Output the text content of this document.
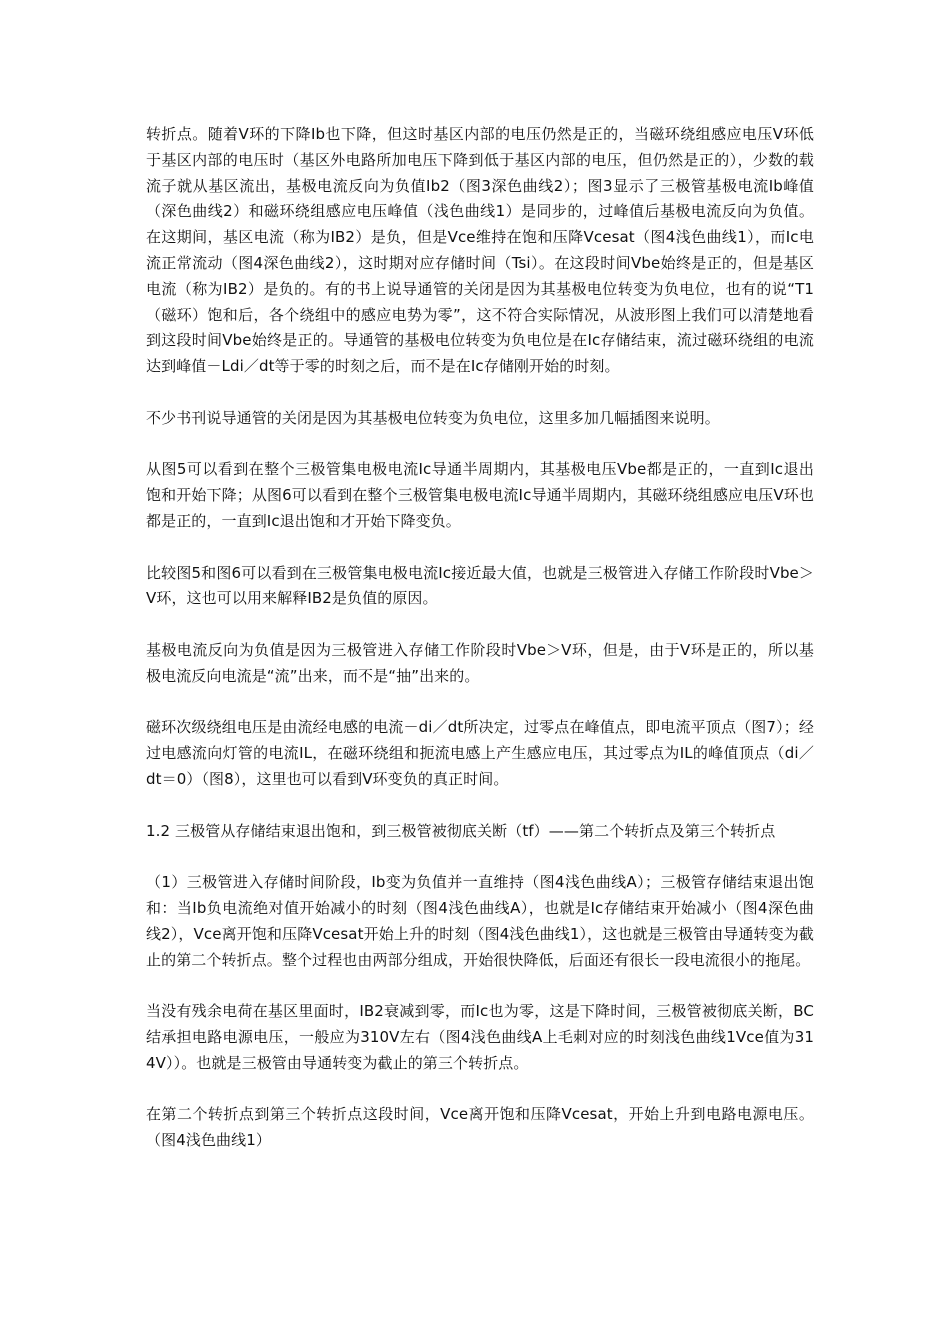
转折点。随着V环的下降Ib也下降，但这时基区内部的电压仍然是正的，当磁环绕组感应电压V环低于基区内部的电压时（基区外电路所加电压下降到低于基区内部的电压，但仍然是正的），少数的载流子就从基区流出，基极电流反向为负值Ib2（图3深色曲线2）；图3显示了三极管基极电流Ib峰值（深色曲线2）和磁环绕组感应电压峰值（浅色曲线1）是同步的，过峰值后基极电流反向为负值。在这期间，基区电流（称为IB2）是负，但是Vce维持在饱和压降Vcesat（图4浅色曲线1），而Ic电流正常流动（图4深色曲线2），这时期对应存储时间（Tsi）。在这段时间Vbe始终是正的，但是基区电流（称为IB2）是负的。有的书上说导通管的关闭是因为其基极电位转变为负电位，也有的说“T1（磁环）饱和后，各个绕组中的感应电势为零”，这不符合实际情况，从波形图上我们可以清楚地看到这段时间Vbe始终是正的。导通管的基极电位转变为负电位是在Ic存储结束，流过磁环绕组的电流达到峰值－Ldi／dt等于零的时刻之后，而不是在Ic存储刚开始的时刻。

不少书刊说导通管的关闭是因为其基极电位转变为负电位，这里多加几幅插图来说明。

从图5可以看到在整个三极管集电极电流Ic导通半周期内，其基极电压Vbe都是正的，一直到Ic退出饱和开始下降；从图6可以看到在整个三极管集电极电流Ic导通半周期内，其磁环绕组感应电压V环也都是正的，一直到Ic退出饱和才开始下降变负。

比较图5和图6可以看到在三极管集电极电流Ic接近最大值，也就是三极管进入存储工作阶段时Vbe＞V环，这也可以用来解释IB2是负值的原因。

基极电流反向为负值是因为三极管进入存储工作阶段时Vbe＞V环，但是，由于V环是正的，所以基极电流反向电流是“流”出来，而不是“抽”出来的。

磁环次级绕组电压是由流经电感的电流－di／dt所决定，过零点在峰值点，即电流平顶点（图7）；经过电感流向灯管的电流IL，在磁环绕组和扼流电感上产生感应电压，其过零点为IL的峰值顶点（di／dt＝0）（图8），这里也可以看到V环变负的真正时间。

1.2 三极管从存储结束退出饱和，到三极管被彻底关断（tf）——第二个转折点及第三个转折点

（1）三极管进入存储时间阶段，Ib变为负值并一直维持（图4浅色曲线A）；三极管存储结束退出饱和：当Ib负电流绝对值开始减小的时刻（图4浅色曲线A），也就是Ic存储结束开始减小（图4深色曲线2），Vce离开饱和压降Vcesat开始上升的时刻（图4浅色曲线1），这也就是三极管由导通转变为截止的第二个转折点。整个过程也由两部分组成，开始很快降低，后面还有很长一段电流很小的拖尾。

当没有残余电荷在基区里面时，IB2衰减到零，而Ic也为零，这是下降时间，三极管被彻底关断，BC结承担电路电源电压，一般应为310V左右（图4浅色曲线A上毛刺对应的时刻浅色曲线1Vce值为314V））。也就是三极管由导通转变为截止的第三个转折点。

在第二个转折点到第三个转折点这段时间，Vce离开饱和压降Vcesat，开始上升到电路电源电压。（图4浅色曲线1）
